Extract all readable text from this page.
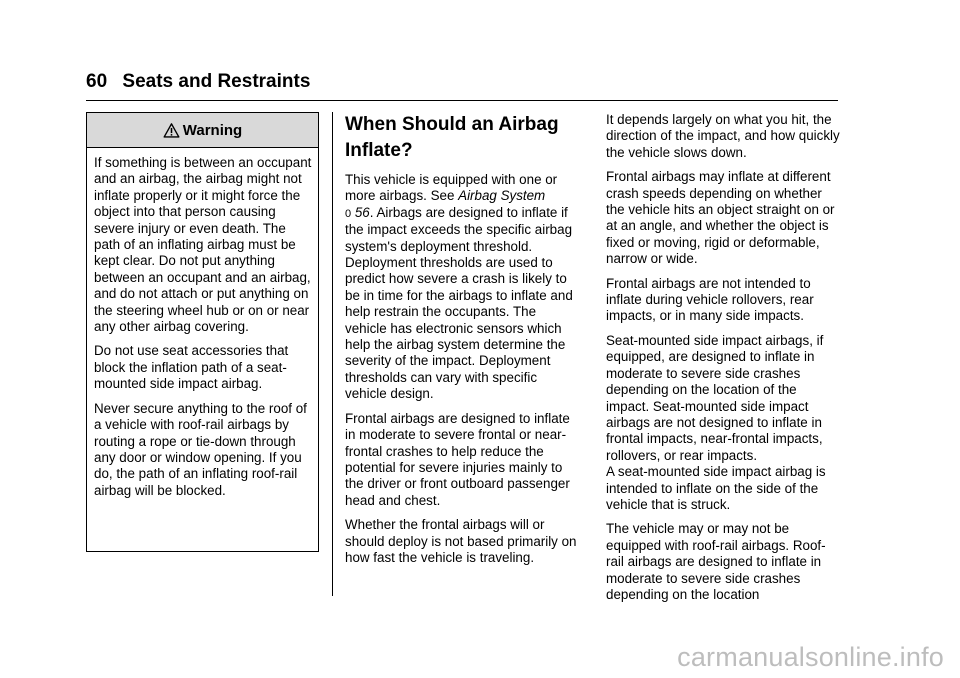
60 Seats and Restraints
Warning

If something is between an occupant and an airbag, the airbag might not inflate properly or it might force the object into that person causing severe injury or even death. The path of an inflating airbag must be kept clear. Do not put anything between an occupant and an airbag, and do not attach or put anything on the steering wheel hub or on or near any other airbag covering.

Do not use seat accessories that block the inflation path of a seat-mounted side impact airbag.

Never secure anything to the roof of a vehicle with roof-rail airbags by routing a rope or tie-down through any door or window opening. If you do, the path of an inflating roof-rail airbag will be blocked.

When Should an Airbag Inflate?

This vehicle is equipped with one or more airbags. See Airbag System
0 56. Airbags are designed to inflate if the impact exceeds the specific airbag system's deployment threshold. Deployment thresholds are used to predict how severe a crash is likely to be in time for the airbags to inflate and help restrain the occupants. The vehicle has electronic sensors which help the airbag system determine the severity of the impact. Deployment thresholds can vary with specific vehicle design.

Frontal airbags are designed to inflate in moderate to severe frontal or near-frontal crashes to help reduce the potential for severe injuries mainly to the driver or front outboard passenger head and chest.

Whether the frontal airbags will or should deploy is not based primarily on how fast the vehicle is traveling.

It depends largely on what you hit, the direction of the impact, and how quickly the vehicle slows down.

Frontal airbags may inflate at different crash speeds depending on whether the vehicle hits an object straight on or at an angle, and whether the object is fixed or moving, rigid or deformable, narrow or wide.

Frontal airbags are not intended to inflate during vehicle rollovers, rear impacts, or in many side impacts.

Seat-mounted side impact airbags, if equipped, are designed to inflate in moderate to severe side crashes depending on the location of the impact. Seat-mounted side impact airbags are not designed to inflate in frontal impacts, near-frontal impacts, rollovers, or rear impacts.
A seat-mounted side impact airbag is intended to inflate on the side of the vehicle that is struck.

The vehicle may or may not be equipped with roof-rail airbags. Roof-rail airbags are designed to inflate in moderate to severe side crashes depending on the location

carmanualsonline.info
